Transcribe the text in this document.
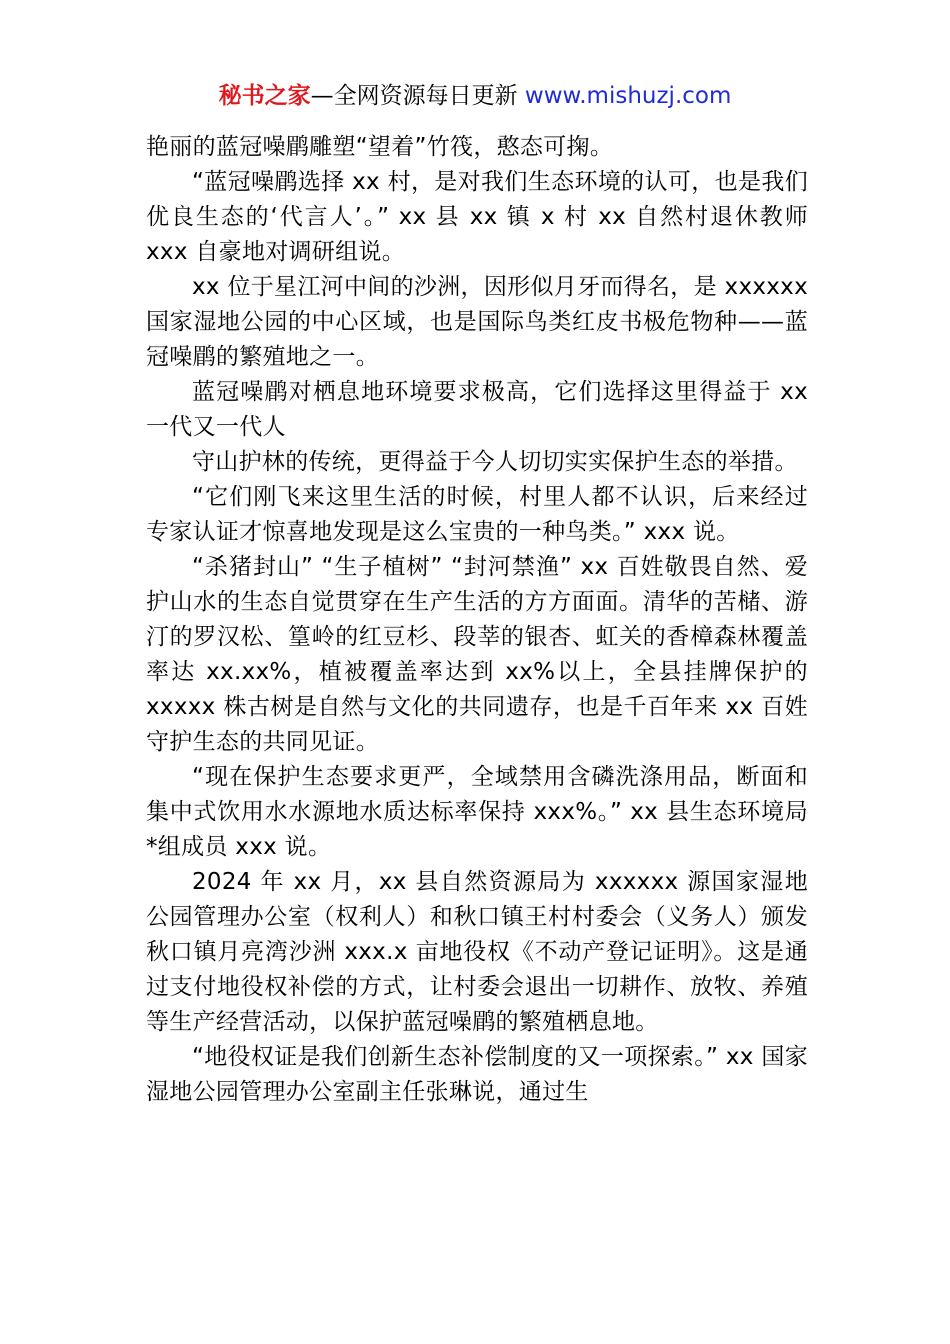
秘书之家—全网资源每日更新 www.mishuzj.com

艳丽的蓝冠噪鹛雕塑“望着”竹筏，憨态可掬。

“蓝冠噪鹛选择 xx 村，是对我们生态环境的认可，也是我们优良生态的‘代言人’。” xx 县 xx 镇 x 村 xx 自然村退休教师 xxx 自豪地对调研组说。

xx 位于星江河中间的沙洲，因形似月牙而得名，是 xxxxxx 国家湿地公园的中心区域，也是国际鸟类红皮书极危物种——蓝冠噪鹛的繁殖地之一。

蓝冠噪鹛对栖息地环境要求极高，它们选择这里得益于 xx 一代又一代人

守山护林的传统，更得益于今人切切实实保护生态的举措。

“它们刚飞来这里生活的时候，村里人都不认识，后来经过专家认证才惊喜地发现是这么宝贵的一种鸟类。” xxx 说。

“杀猪封山” “生子植树” “封河禁渔” xx 百姓敬畏自然、爱护山水的生态自觉贯穿在生产生活的方方面面。清华的苦槠、游汀的罗汉松、篁岭的红豆杉、段莘的银杏、虹关的香樟森林覆盖率达 xx.xx%，植被覆盖率达到 xx%以上，全县挂牌保护的 xxxxx 株古树是自然与文化的共同遗存，也是千百年来 xx 百姓守护生态的共同见证。

“现在保护生态要求更严，全域禁用含磷洗涤用品，断面和集中式饮用水水源地水质达标率保持 xxx%。” xx 县生态环境局*组成员 xxx 说。

2024 年 xx 月，xx 县自然资源局为 xxxxxx 源国家湿地公园管理办公室（权利人）和秋口镇王村村委会（义务人）颁发秋口镇月亮湾沙洲 xxx.x 亩地役权《不动产登记证明》。这是通过支付地役权补偿的方式，让村委会退出一切耕作、放牧、养殖等生产经营活动，以保护蓝冠噪鹛的繁殖栖息地。

“地役权证是我们创新生态补偿制度的又一项探索。” xx 国家湿地公园管理办公室副主任张琳说，通过生
